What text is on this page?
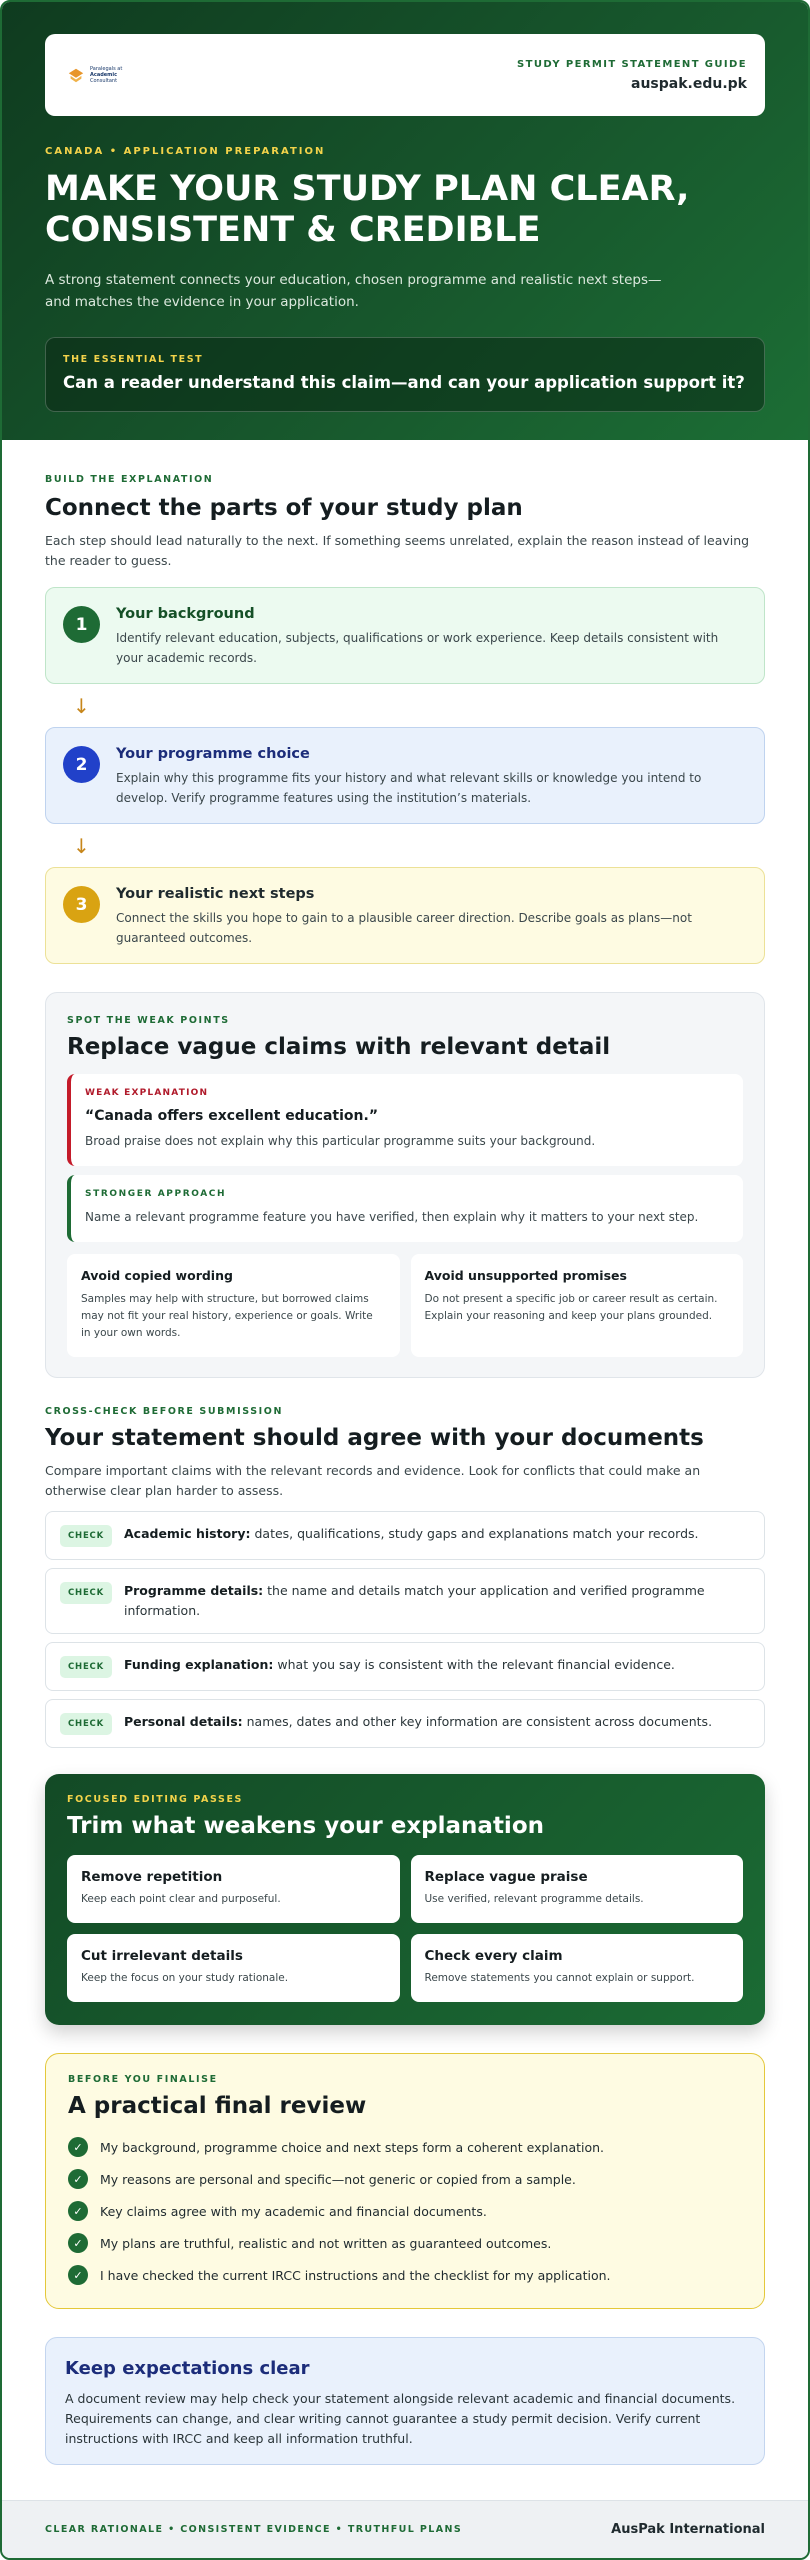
Paralegals at
Academic
Consultant
STUDY PERMIT STATEMENT GUIDE
auspak.edu.pk
CANADA • APPLICATION PREPARATION
MAKE YOUR STUDY PLAN CLEAR, CONSISTENT & CREDIBLE
A strong statement connects your education, chosen programme and realistic next steps—and matches the evidence in your application.
THE ESSENTIAL TEST
Can a reader understand this claim—and can your application support it?
BUILD THE EXPLANATION
Connect the parts of your study plan
Each step should lead naturally to the next. If something seems unrelated, explain the reason instead of leaving the reader to guess.
1
Your background
Identify relevant education, subjects, qualifications or work experience. Keep details consistent with your academic records.
↓
2
Your programme choice
Explain why this programme fits your history and what relevant skills or knowledge you intend to develop. Verify programme features using the institution’s materials.
↓
3
Your realistic next steps
Connect the skills you hope to gain to a plausible career direction. Describe goals as plans—not guaranteed outcomes.
SPOT THE WEAK POINTS
Replace vague claims with relevant detail
WEAK EXPLANATION
“Canada offers excellent education.”
Broad praise does not explain why this particular programme suits your background.
STRONGER APPROACH
Name a relevant programme feature you have verified, then explain why it matters to your next step.
Avoid copied wording
Samples may help with structure, but borrowed claims may not fit your real history, experience or goals. Write in your own words.
Avoid unsupported promises
Do not present a specific job or career result as certain. Explain your reasoning and keep your plans grounded.
CROSS-CHECK BEFORE SUBMISSION
Your statement should agree with your documents
Compare important claims with the relevant records and evidence. Look for conflicts that could make an otherwise clear plan harder to assess.
CHECK	Academic history: dates, qualifications, study gaps and explanations match your records.
CHECK	Programme details: the name and details match your application and verified programme information.
CHECK	Funding explanation: what you say is consistent with the relevant financial evidence.
CHECK	Personal details: names, dates and other key information are consistent across documents.
FOCUSED EDITING PASSES
Trim what weakens your explanation
Remove repetition
Keep each point clear and purposeful.
Replace vague praise
Use verified, relevant programme details.
Cut irrelevant details
Keep the focus on your study rationale.
Check every claim
Remove statements you cannot explain or support.
BEFORE YOU FINALISE
A practical final review
✓	My background, programme choice and next steps form a coherent explanation.
✓	My reasons are personal and specific—not generic or copied from a sample.
✓	Key claims agree with my academic and financial documents.
✓	My plans are truthful, realistic and not written as guaranteed outcomes.
✓	I have checked the current IRCC instructions and the checklist for my application.
Keep expectations clear
A document review may help check your statement alongside relevant academic and financial documents. Requirements can change, and clear writing cannot guarantee a study permit decision. Verify current instructions with IRCC and keep all information truthful.
CLEAR RATIONALE • CONSISTENT EVIDENCE • TRUTHFUL PLANS	AusPak International
